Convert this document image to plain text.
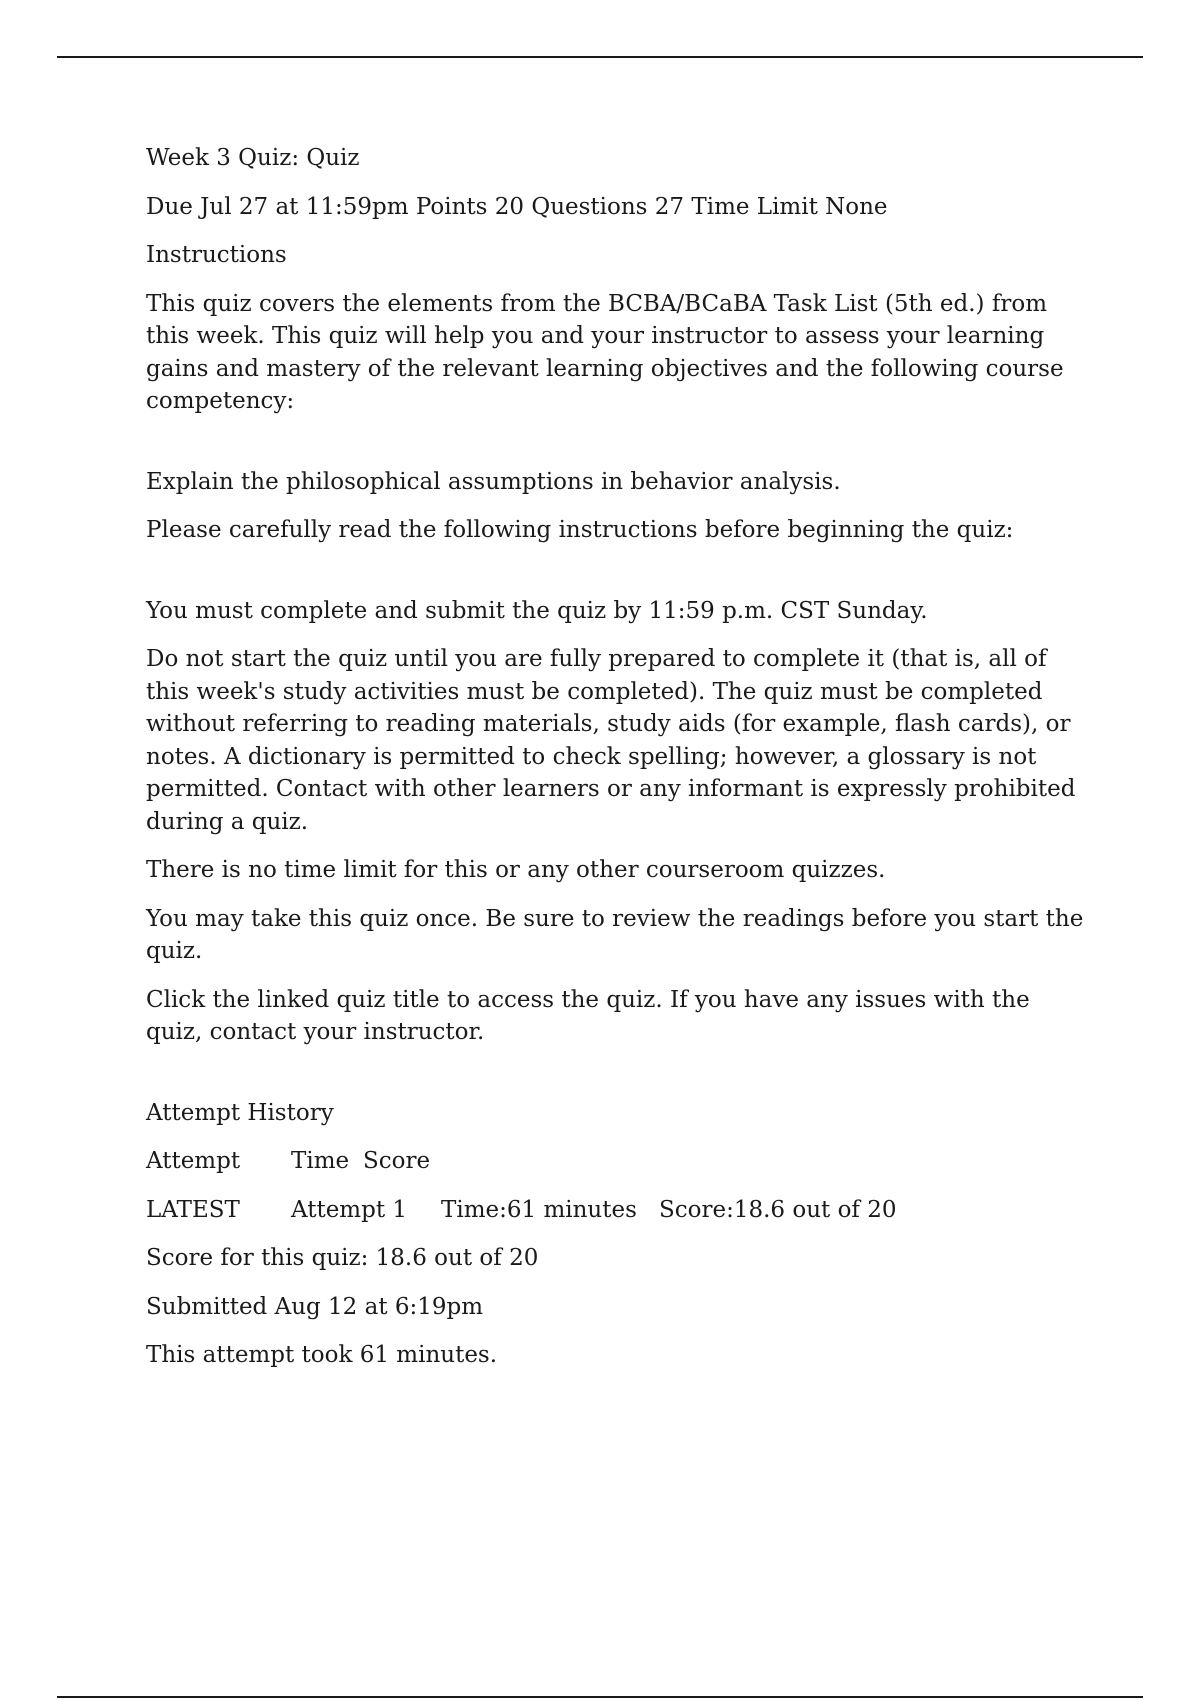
Week 3 Quiz: Quiz

Due Jul 27 at 11:59pm Points 20 Questions 27 Time Limit None

Instructions

This quiz covers the elements from the BCBA/BCaBA Task List (5th ed.) from this week. This quiz will help you and your instructor to assess your learning gains and mastery of the relevant learning objectives and the following course competency:

Explain the philosophical assumptions in behavior analysis.

Please carefully read the following instructions before beginning the quiz:

You must complete and submit the quiz by 11:59 p.m. CST Sunday.

Do not start the quiz until you are fully prepared to complete it (that is, all of this week's study activities must be completed). The quiz must be completed without referring to reading materials, study aids (for example, flash cards), or notes. A dictionary is permitted to check spelling; however, a glossary is not permitted. Contact with other learners or any informant is expressly prohibited during a quiz.

There is no time limit for this or any other courseroom quizzes.

You may take this quiz once. Be sure to review the readings before you start the quiz.

Click the linked quiz title to access the quiz. If you have any issues with the quiz, contact your instructor.

Attempt History

Attempt	Time Score
LATEST	Attempt 1	Time:61 minutes Score:18.6 out of 20

Score for this quiz: 18.6 out of 20

Submitted Aug 12 at 6:19pm

This attempt took 61 minutes.
